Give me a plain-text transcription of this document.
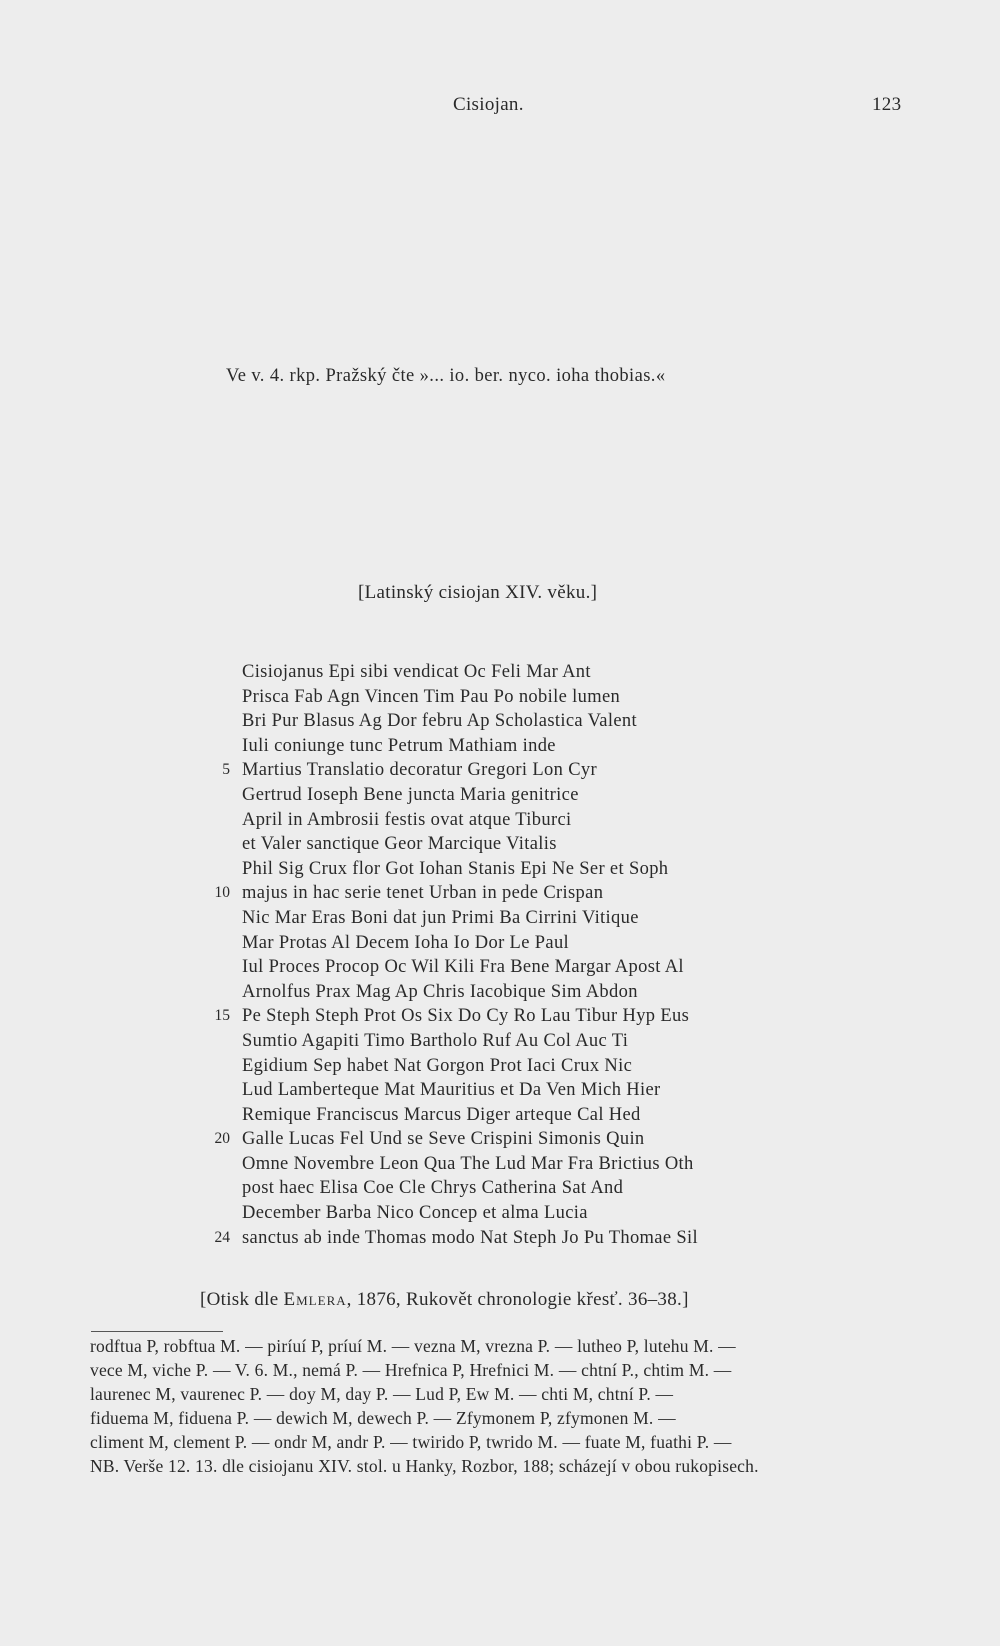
Cisiojan.	123
Ve v. 4. rkp. Pražský čte »... io. ber. nyco. ioha thobias.«
[Latinský cisiojan XIV. věku.]
Cisiojanus Epi sibi vendicat Oc Feli Mar Ant
Prisca Fab Agn Vincen Tim Pau Po nobile lumen
Bri Pur Blasus Ag Dor febru Ap Scholastica Valent
Iuli coniunge tunc Petrum Mathiam inde
5 Martius Translatio decoratur Gregori Lon Cyr
Gertrud Ioseph Bene juncta Maria genitrice
April in Ambrosii festis ovat atque Tiburci
et Valer sanctique Geor Marcique Vitalis
Phil Sig Crux flor Got Iohan Stanis Epi Ne Ser et Soph
10 majus in hac serie tenet Urban in pede Crispan
Nic Mar Eras Boni dat jun Primi Ba Cirrini Vitique
Mar Protas Al Decem Ioha Io Dor Le Paul
Iul Proces Procop Oc Wil Kili Fra Bene Margar Apost Al
Arnolfus Prax Mag Ap Chris Iacobique Sim Abdon
15 Pe Steph Steph Prot Os Six Do Cy Ro Lau Tibur Hyp Eus
Sumtio Agapiti Timo Bartholo Ruf Au Col Auc Ti
Egidium Sep habet Nat Gorgon Prot Iaci Crux Nic
Lud Lamberteque Mat Mauritius et Da Ven Mich Hier
Remique Franciscus Marcus Diger arteque Cal Hed
20 Galle Lucas Fel Und se Seve Crispini Simonis Quin
Omne Novembre Leon Qua The Lud Mar Fra Brictius Oth
post haec Elisa Coe Cle Chrys Catherina Sat And
December Barba Nico Concep et alma Lucia
24 sanctus ab inde Thomas modo Nat Steph Jo Pu Thomae Sil
[Otisk dle Emlera, 1876, Rukovět chronologie křesť. 36–38.]
rodftua P, robftua M. — piríuí P, príuí M. — vezna M, vrezna P. — lutheo P, lutehu M. —
vece M, viche P. — V. 6. M., nemá P. — Hrefnica P, Hrefnici M. — chtní P., chtim M. —
laurenec M, vaurenec P. — doy M, day P. — Lud P, Ew M. — chti M, chtní P. —
fiduema M, fiduena P. — dewich M, dewech P. — Zfymonem P, zfymonen M. —
climent M, clement P. — ondr M, andr P. — twirido P, twrido M. — fuate M, fuathi P. —
NB. Verše 12. 13. dle cisiojanu XIV. stol. u Hanky, Rozbor, 188; scházejí v obou rukopisech.
